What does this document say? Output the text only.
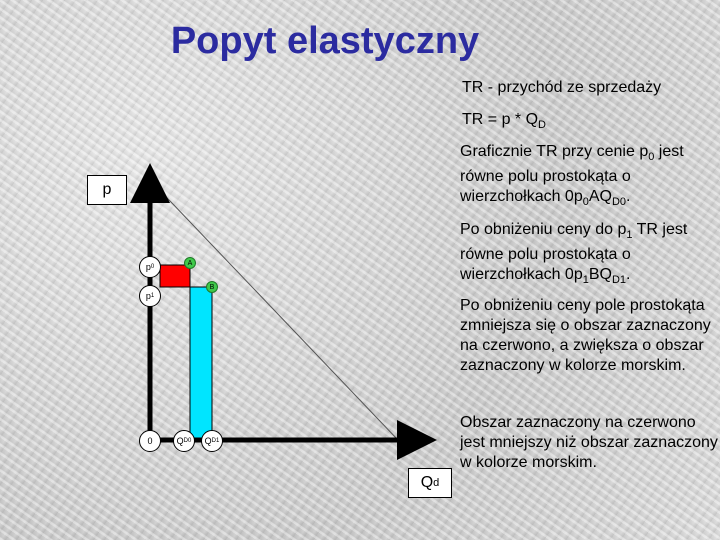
Popyt elastyczny
TR - przychód ze sprzedaży
TR = p * $Q_D$
Graficznie TR przy cenie $p_0$ jest równe polu prostokąta o wierzchołkach $0p_0AQ_{D0}$.
Po obniżeniu ceny do $p_1$ TR jest równe polu prostokąta o wierzchołkach $0p_1BQ_{D1}$.
Po obniżeniu ceny pole prostokąta zmniejsza się o obszar zaznaczony na czerwono, a zwiększa o obszar zaznaczony w kolorze morskim.
Obszar zaznaczony na czerwono jest mniejszy niż obszar zaznaczony w kolorze morskim.
p
Q d
p 0
p 1
0	Q D0 Q D1
A
B
